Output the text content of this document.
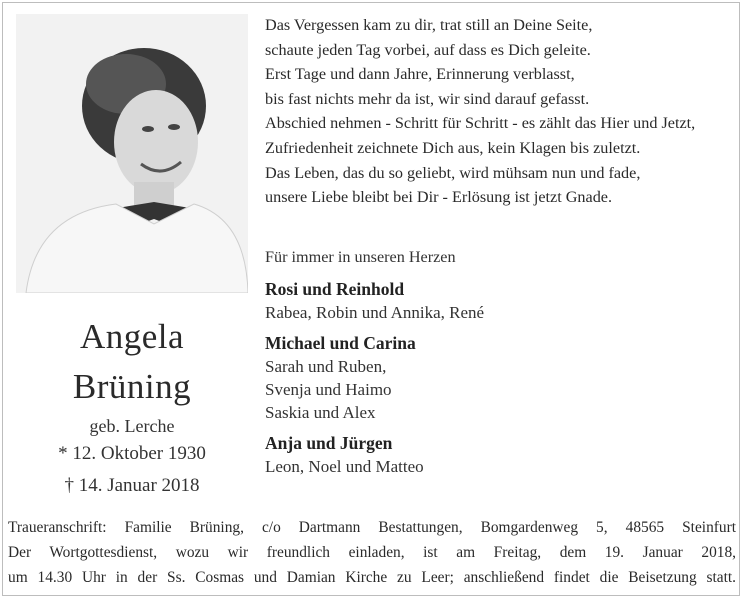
Angela
Brüning
geb. Lerche
* 12. Oktober 1930
† 14. Januar 2018
Das Vergessen kam zu dir, trat still an Deine Seite,
schaute jeden Tag vorbei, auf dass es Dich geleite.
Erst Tage und dann Jahre, Erinnerung verblasst,
bis fast nichts mehr da ist, wir sind darauf gefasst.
Abschied nehmen - Schritt für Schritt - es zählt das Hier und Jetzt,
Zufriedenheit zeichnete Dich aus, kein Klagen bis zuletzt.
Das Leben, das du so geliebt, wird mühsam nun und fade,
unsere Liebe bleibt bei Dir - Erlösung ist jetzt Gnade.
Für immer in unseren Herzen
Rosi und Reinhold
Rabea, Robin und Annika, René
Michael und Carina
Sarah und Ruben,
Svenja und Haimo
Saskia und Alex
Anja und Jürgen
Leon, Noel und Matteo
Traueranschrift: Familie Brüning, c/o Dartmann Bestattungen, Bomgardenweg 5, 48565 Steinfurt
Der Wortgottesdienst, wozu wir freundlich einladen, ist am Freitag, dem 19. Januar 2018,
um 14.30 Uhr in der Ss. Cosmas und Damian Kirche zu Leer; anschließend findet die Beisetzung statt.
